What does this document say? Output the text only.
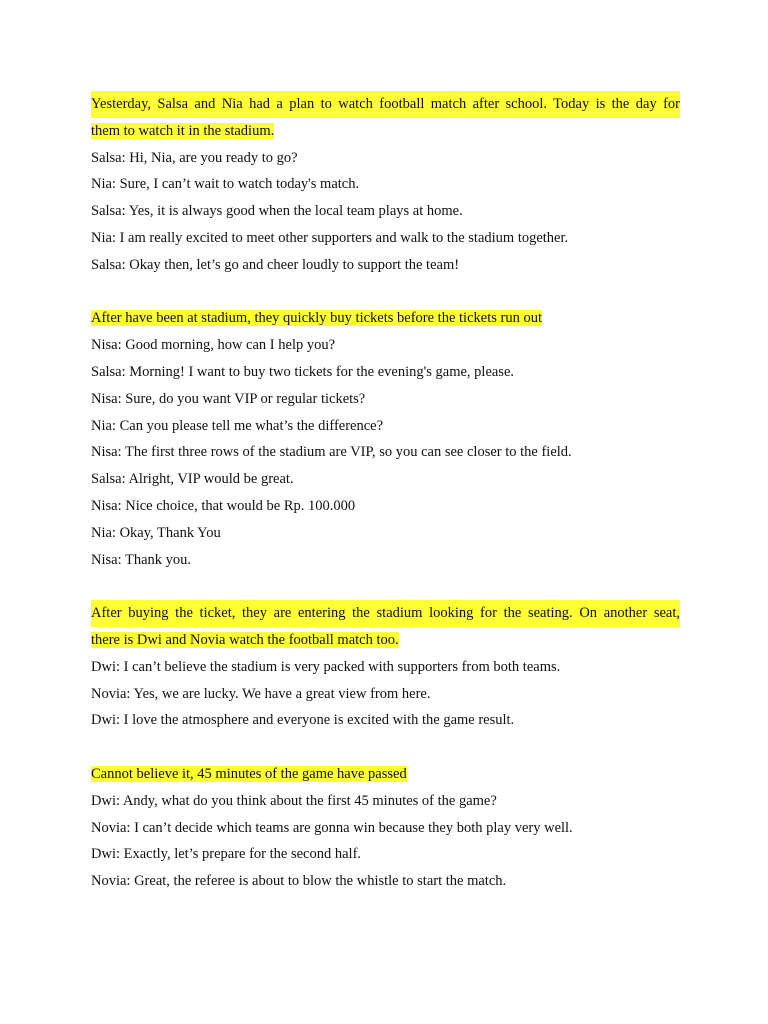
Yesterday, Salsa and Nia had a plan to watch football match after school. Today is the day for
them to watch it in the stadium.

Salsa: Hi, Nia, are you ready to go?
Nia: Sure, I can’t wait to watch today's match.
Salsa: Yes, it is always good when the local team plays at home.
Nia: I am really excited to meet other supporters and walk to the stadium together.
Salsa: Okay then, let’s go and cheer loudly to support the team!
After have been at stadium, they quickly buy tickets before the tickets run out
Nisa: Good morning, how can I help you?
Salsa: Morning! I want to buy two tickets for the evening's game, please.
Nisa: Sure, do you want VIP or regular tickets?
Nia: Can you please tell me what’s the difference?
Nisa: The first three rows of the stadium are VIP, so you can see closer to the field.
Salsa: Alright, VIP would be great.
Nisa: Nice choice, that would be Rp. 100.000
Nia: Okay, Thank You
Nisa: Thank you.

After buying the ticket, they are entering the stadium looking for the seating. On another seat,
there is Dwi and Novia watch the football match too.

Dwi: I can’t believe the stadium is very packed with supporters from both teams.
Novia: Yes, we are lucky. We have a great view from here.
Dwi: I love the atmosphere and everyone is excited with the game result.
Cannot believe it, 45 minutes of the game have passed
Dwi: Andy, what do you think about the first 45 minutes of the game?
Novia: I can’t decide which teams are gonna win because they both play very well.
Dwi: Exactly, let’s prepare for the second half.
Novia: Great, the referee is about to blow the whistle to start the match.
